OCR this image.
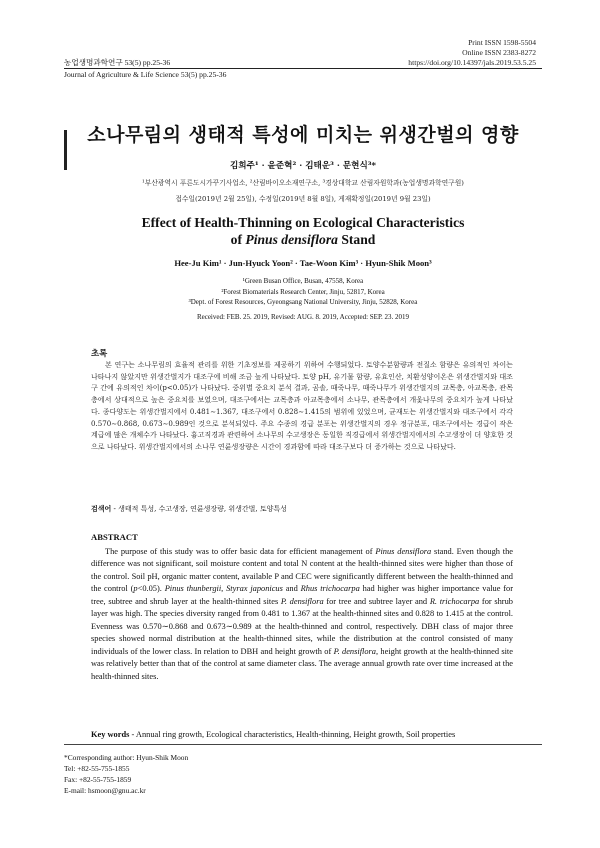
Print ISSN 1598-5504
Online ISSN 2383-8272
농업생명과학연구 53(5) pp.25-36	https://doi.org/10.14397/jals.2019.53.5.25
Journal of Agriculture & Life Science 53(5) pp.25-36
소나무림의 생태적 특성에 미치는 위생간벌의 영향
김희주¹ · 윤준혁² · 김태운³ · 문현식³*
¹부산광역시 푸른도시가꾸기사업소, ²산림바이오소재연구소, ³경상대학교 산림자원학과(농업생명과학연구원)
접수일(2019년 2월 25일), 수정일(2019년 8월 8일), 게재확정일(2019년 9월 23일)
Effect of Health-Thinning on Ecological Characteristics
of Pinus densiflora Stand
Hee-Ju Kim¹ · Jun-Hyuck Yoon² · Tae-Woon Kim³ · Hyun-Shik Moon³
¹Green Busan Office, Busan, 47558, Korea
²Forest Biomaterials Research Center, Jinju, 52817, Korea
³Dept. of Forest Resources, Gyeongsang National University, Jinju, 52828, Korea
Received: FEB. 25. 2019, Revised: AUG. 8. 2019, Accepted: SEP. 23. 2019
초록
본 연구는 소나무림의 효율적 관리를 위한 기초정보를 제공하기 위하여 수행되었다. 토양수분함량과 전질소 함량은 유의적인 차이는 나타나지 않았지만 위생간벌지가 대조구에 비해 조금 높게 나타났다. 토양 pH, 유기물 함량, 유효인산, 치환성양이온은 위생간벌지와 대조구 간에 유의적인 차이(p<0.05)가 나타났다. 중위별 중요치 분석 결과, 곰솔, 때죽나무, 때죽나무가 위생간벌지의 교목층, 아교목층, 관목층에서 상대적으로 높은 중요치를 보였으며, 대조구에서는 교목층과 아교목층에서 소나무, 관목층에서 개옻나무의 중요치가 높게 나타났다. 종다양도는 위생간벌지에서 0.481∼1.367, 대조구에서 0.828∼1.415의 범위에 있었으며, 균재도는 위생간벌지와 대조구에서 각각 0.570∼0.868, 0.673∼0.989인 것으로 분석되었다. 주요 수종의 경급 분포는 위생간벌지의 경우 정규분포, 대조구에서는 경급이 작은 계급에 많은 개체수가 나타났다. 흉고직경과 관련하여 소나무의 수고생장은 동일한 직경급에서 위생간벌지에서의 수고생장이 더 양호한 것으로 나타났다. 위생간벌지에서의 소나무 연륜생장량은 시간이 경과함에 따라 대조구보다 더 증가하는 것으로 나타났다.
검색어 - 생태적 특성, 수고생장, 연륜생장량, 위생간벌, 토양특성
ABSTRACT
The purpose of this study was to offer basic data for efficient management of Pinus densiflora stand. Even though the difference was not significant, soil moisture content and total N content at the health-thinned sites were higher than those of the control. Soil pH, organic matter content, available P and CEC were significantly different between the health-thinned and the control (p<0.05). Pinus thunbergii, Styrax japonicus and Rhus trichocarpa had higher was higher importance value for tree, subtree and shrub layer at the health-thinned sites P. densiflora for tree and subtree layer and R. trichocarpa for shrub layer was high. The species diversity ranged from 0.481 to 1.367 at the health-thinned sites and 0.828 to 1.415 at the control. Evenness was 0.570∼0.868 and 0.673∼0.989 at the health-thinned and control, respectively. DBH class of major three species showed normal distribution at the health-thinned sites, while the distribution at the control consisted of many individuals of the lower class. In relation to DBH and height growth of P. densiflora, height growth at the health-thinned site was relatively better than that of the control at same diameter class. The average annual growth rate over time increased at the health-thinned sites.
Key words - Annual ring growth, Ecological characteristics, Health-thinning, Height growth, Soil properties
*Corresponding author: Hyun-Shik Moon
Tel: +82-55-755-1855
Fax: +82-55-755-1859
E-mail: hsmoon@gnu.ac.kr
